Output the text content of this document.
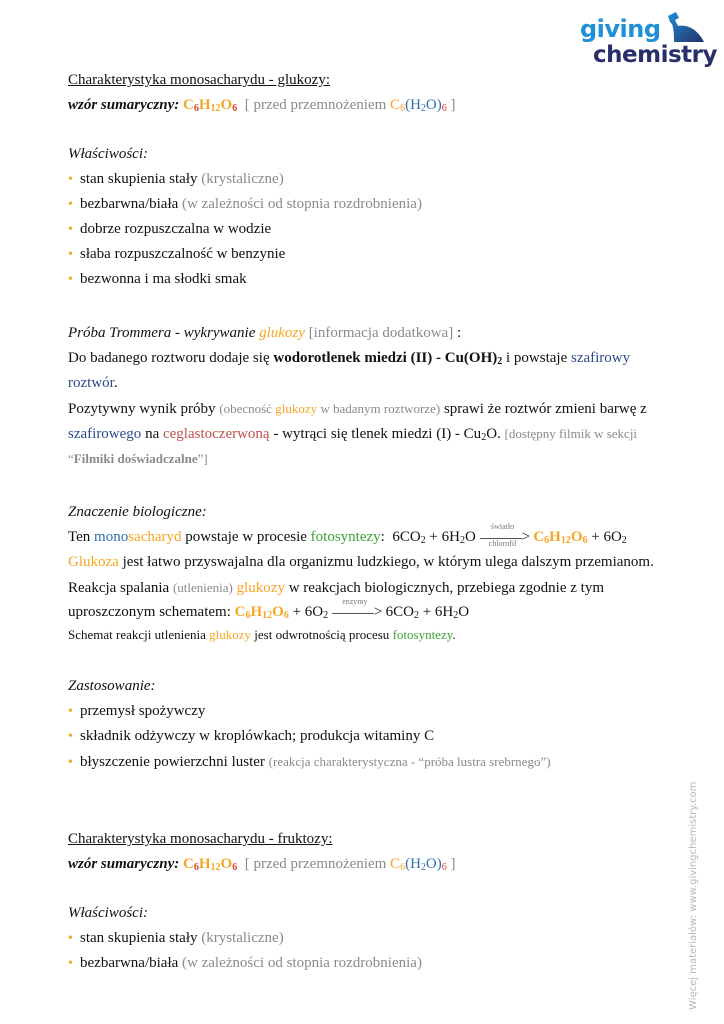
giving
chemistry
Charakterystyka monosacharydu - glukozy:
wzór sumaryczny: $C_6H_{12}O_6$ [ przed przemnożeniem $C_6(H_2O)_6$ ]
Właściwości:
• stan skupienia stały (krystaliczne)
• bezbarwna/biała (w zależności od stopnia rozdrobnienia)
• dobrze rozpuszczalna w wodzie
• słaba rozpuszczalność w benzynie
• bezwonna i ma słodki smak
Próba Trommera - wykrywanie glukozy [informacja dodatkowa] :
Do badanego roztworu dodaje się wodorotlenek miedzi $(II) - Cu(OH)_2$ i powstaje szafirowy
roztwór.
Pozytywny wynik próby (obecność glukozy w badanym roztworze) sprawi że roztwór zmieni barwę z
szafirowego na ceglastoczerwoną - wytrąci się tlenek miedzi $(I) - Cu_2O$. [dostępny filmik w sekcji
“Filmiki doświadczalne”]
Znaczenie biologiczne:
Ten monosacharyd powstaje w procesie fotosyntezy: $6CO_2 + 6H_2O$
światło
>
chlorofil	$C_6H_{12}O_6 + 6O_2$
Glukoza jest łatwo przyswajalna dla organizmu ludzkiego, w którym ulega dalszym przemianom.
Reakcja spalania (utlenienia) glukozy w reakcjach biologicznych, przebiega zgodnie z tym
uproszczonym schematem: $C_6H_{12}O_6 + 6O_2$
enzymy
> $6CO_2 + 6H_2O$
Schemat reakcji utlenienia glukozy jest odwrotnością procesu fotosyntezy.
Zastosowanie:
• przemysł spożywczy
• składnik odżywczy w kroplówkach; produkcja witaminy C
• błyszczenie powierzchni luster (reakcja charakterystyczna - “próba lustra srebrnego”)
Charakterystyka monosacharydu - fruktozy:
wzór sumaryczny: $C_6H_{12}O_6$ [ przed przemnożeniem $C_6(H_2O)_6$ ]
Właściwości:
• stan skupienia stały (krystaliczne)
• bezbarwna/biała (w zależności od stopnia rozdrobnienia)	Więcej materiałów: www.givingchemistry.com
